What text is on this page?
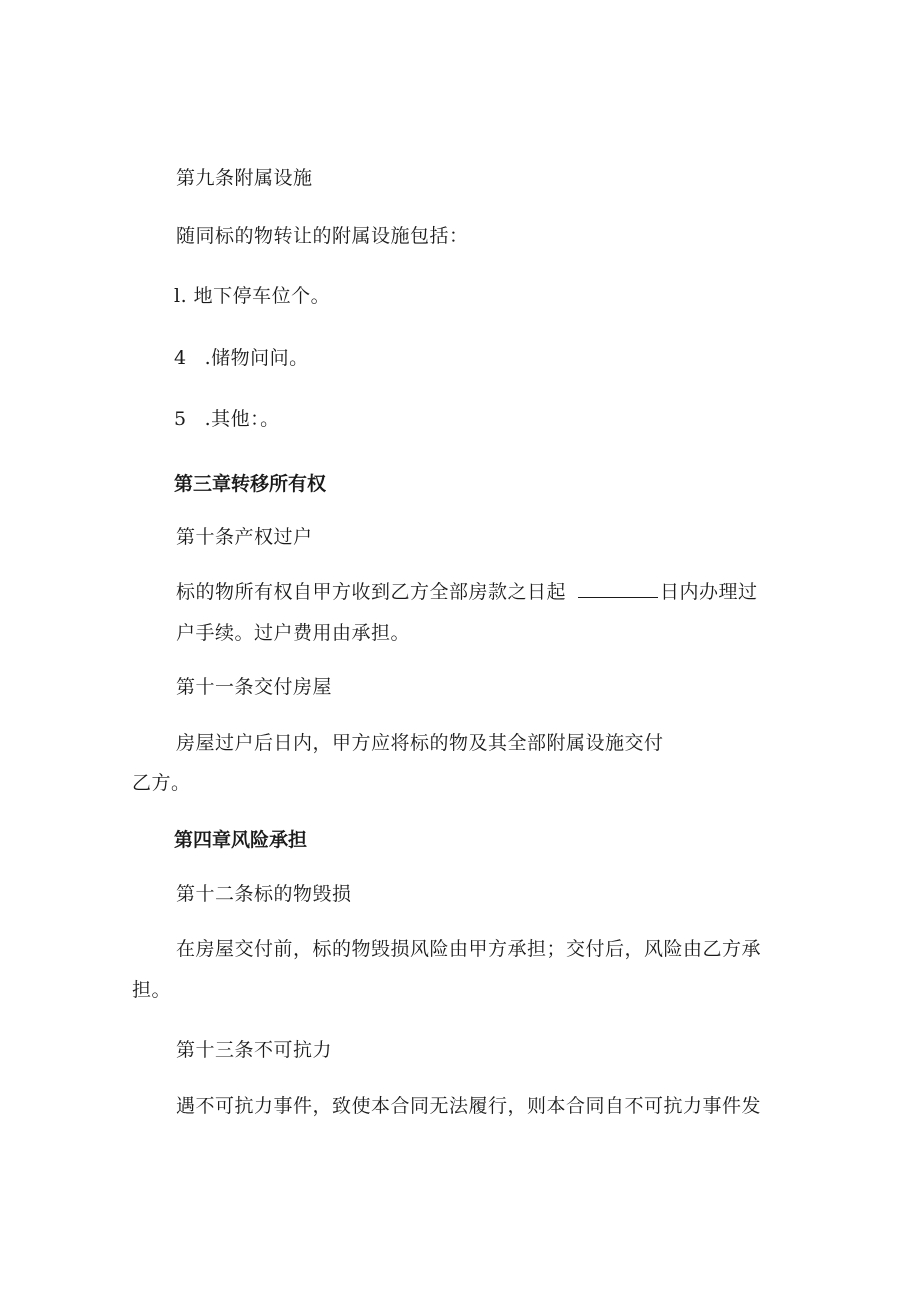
第九条附属设施
随同标的物转让的附属设施包括：
l. 地下停车位个。
4 .储物问问。
5 .其他：。
第三章转移所有权
第十条产权过户
标的物所有权自甲方收到乙方全部房款之日起	日内办理过
户手续。过户费用由承担。
第十一条交付房屋
房屋过户后日内，甲方应将标的物及其全部附属设施交付
乙方。
第四章风险承担
第十二条标的物毁损
在房屋交付前，标的物毁损风险由甲方承担；交付后，风险由乙方承
担。
第十三条不可抗力
遇不可抗力事件，致使本合同无法履行，则本合同自不可抗力事件发
